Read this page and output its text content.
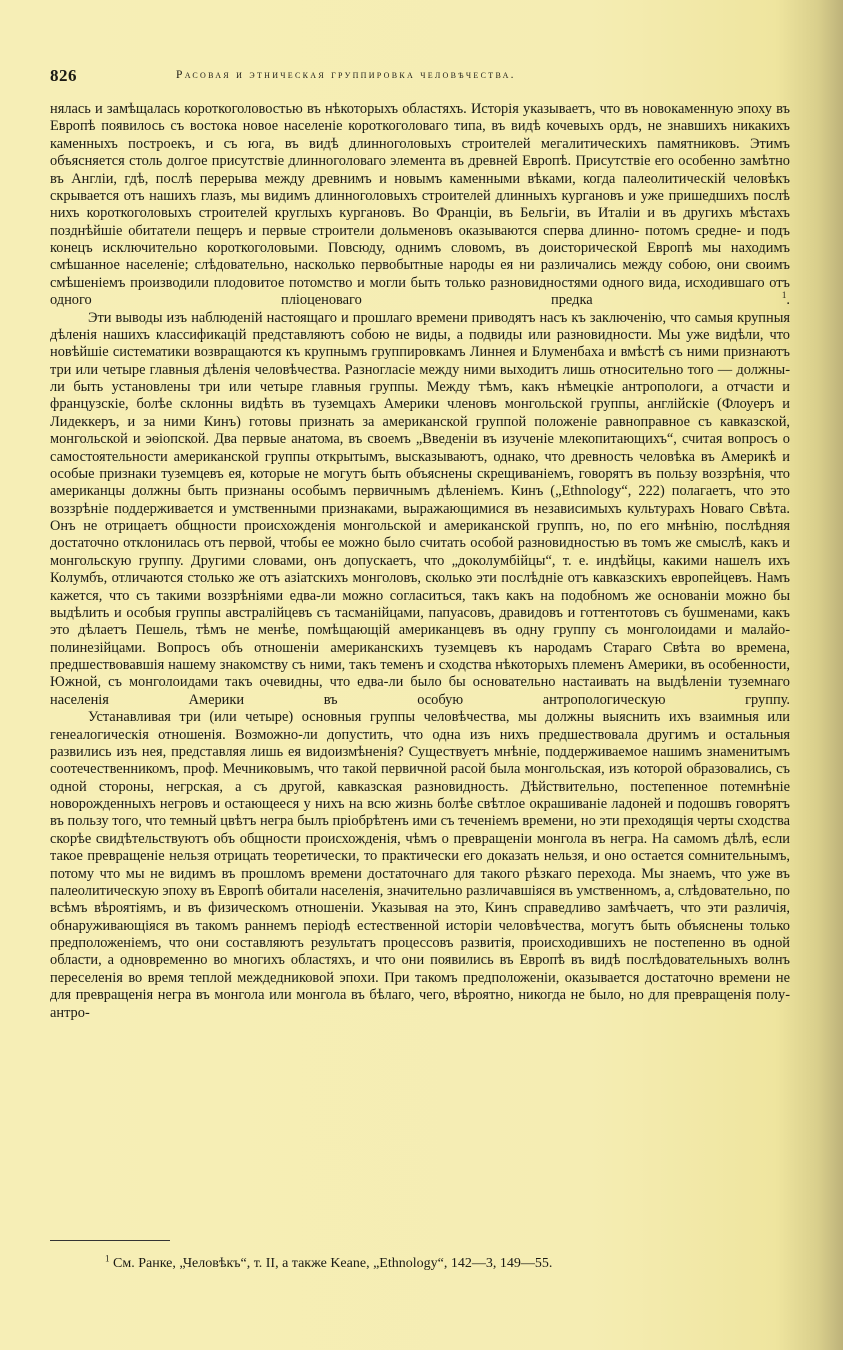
826	Расовая и этническая группировка человѣчества.

нялась и замѣщалась короткоголовостью въ нѣкоторыхъ областяхъ. Исторія указываетъ, что въ новокаменную эпоху въ Европѣ появилось съ востока новое населеніе короткоголоваго типа, въ видѣ кочевыхъ ордъ, не знавшихъ никакихъ каменныхъ построекъ, и съ юга, въ видѣ длинноголовыхъ строителей мегалитическихъ памятниковъ. Этимъ объясняется столь долгое присутствіе длинноголоваго элемента въ древней Европѣ. Присутствіе его особенно замѣтно въ Англіи, гдѣ, послѣ перерыва между древнимъ и новымъ каменными вѣками, когда палеолитическій человѣкъ скрывается отъ нашихъ глазъ, мы видимъ длинноголовыхъ строителей длинныхъ кургановъ и уже пришедшихъ послѣ нихъ короткоголовыхъ строителей круглыхъ кургановъ. Во Франціи, въ Бельгіи, въ Италіи и въ другихъ мѣстахъ позднѣйшіе обитатели пещеръ и первые строители дольменовъ оказываются сперва длинно- потомъ средне- и подъ конецъ исключительно короткоголовыми. Повсюду, однимъ словомъ, въ доисторической Европѣ мы находимъ смѣшанное населеніе; слѣдовательно, насколько первобытные народы ея ни различались между собою, они своимъ смѣшеніемъ производили плодовитое потомство и могли быть только разновидностями одного вида, исходившаго отъ одного пліоценоваго предка	$^1$.

Эти выводы изъ наблюденій настоящаго и прошлаго времени приводятъ насъ къ заключенію, что самыя крупныя дѣленія нашихъ классификацій представляютъ собою не виды, а подвиды или разновидности. Мы уже видѣли, что новѣйшіе систематики возвращаются къ крупнымъ группировкамъ Линнея и Блуменбаха и вмѣстѣ съ ними признаютъ три или четыре главныя дѣленія человѣчества. Разногласіе между ними выходитъ лишь относительно того — должны-ли быть установлены три или четыре главныя группы. Между тѣмъ, какъ нѣмецкіе антропологи, а отчасти и французскіе, болѣе склонны видѣть въ туземцахъ Америки членовъ монгольской группы, англійскіе (Флоуеръ и Лидеккеръ, и за ними Кинъ) готовы признать за американской группой положеніе равноправное съ кавказской, монгольской и эѳіопской. Два первые анатома, въ своемъ „Введеніи въ изученіе млекопитающихъ“, считая вопросъ о самостоятельности американской группы открытымъ, высказываютъ, однако, что древность человѣка въ Америкѣ и особые признаки туземцевъ ея, которые не могутъ быть объяснены скрещиваніемъ, говорятъ въ пользу воззрѣнія, что американцы должны быть признаны особымъ первичнымъ дѣленіемъ. Кинъ („Ethnology“, 222) полагаетъ, что это воззрѣніе поддерживается и умственными признаками, выражающимися въ независимыхъ культурахъ Новаго Свѣта. Онъ не отрицаетъ общности происхожденія монгольской и американской группъ, но, по его мнѣнію, послѣдняя достаточно отклонилась отъ первой, чтобы ее можно было считать особой разновидностью въ томъ же смыслѣ, какъ и монгольскую группу. Другими словами, онъ допускаетъ, что „доколумбійцы“, т. е. индѣйцы, какими нашелъ ихъ Колумбъ, отличаются столько же отъ азіатскихъ монголовъ, сколько эти послѣдніе отъ кавказскихъ европейцевъ. Намъ кажется, что съ такими воззрѣніями едва-ли можно согласиться, такъ какъ на подобномъ же основаніи можно бы выдѣлить и особыя группы австралійцевъ съ тасманійцами, папуасовъ, дравидовъ и готтентотовъ съ бушменами, какъ это дѣлаетъ Пешель, тѣмъ не менѣе, помѣщающій американцевъ въ одну группу съ монголоидами и малайо-полинезійцами. Вопросъ объ отношеніи американскихъ туземцевъ къ народамъ Стараго Свѣта во времена, предшествовавшія нашему знакомству съ ними, такъ теменъ и сходства нѣкоторыхъ племенъ Америки, въ особенности, Южной, съ монголоидами такъ очевидны, что едва-ли было бы основательно настаивать на выдѣленіи туземнаго населенія Америки въ особую антропологическую группу.

Устанавливая три (или четыре) основныя группы человѣчества, мы должны выяснить ихъ взаимныя или генеалогическія отношенія. Возможно-ли допустить, что одна изъ нихъ предшествовала другимъ и остальныя развились изъ нея, представляя лишь ея видоизмѣненія? Существуетъ мнѣніе, поддерживаемое нашимъ знаменитымъ соотечественникомъ, проф. Мечниковымъ, что такой первичной расой была монгольская, изъ которой образовались, съ одной стороны, негрская, а съ другой, кавказская разновидность. Дѣйствительно, постепенное потемнѣніе новорожденныхъ негровъ и остающееся у нихъ на всю жизнь болѣе свѣтлое окрашиваніе ладоней и подошвъ говорятъ въ пользу того, что темный цвѣтъ негра былъ пріобрѣтенъ ими съ теченіемъ времени, но эти преходящія черты сходства скорѣе свидѣтельствуютъ объ общности происхожденія, чѣмъ о превращеніи монгола въ негра. На самомъ дѣлѣ, если такое превращеніе нельзя отрицать теоретически, то практически его доказать нельзя, и оно остается сомнительнымъ, потому что мы не видимъ въ прошломъ времени достаточнаго для такого рѣзкаго перехода. Мы знаемъ, что уже въ палеолитическую эпоху въ Европѣ обитали населенія, значительно различавшіяся въ умственномъ, а, слѣдовательно, по всѣмъ вѣроятіямъ, и въ физическомъ отношеніи. Указывая на это, Кинъ справедливо замѣчаетъ, что эти различія, обнаруживающіяся въ такомъ раннемъ періодѣ естественной исторіи человѣчества, могутъ быть объяснены только предположеніемъ, что они составляютъ результатъ процессовъ развитія, происходившихъ не постепенно въ одной области, а одновременно во многихъ областяхъ, и что они появились въ Европѣ въ видѣ послѣдовательныхъ волнъ переселенія во время теплой междедниковой эпохи. При такомъ предположеніи, оказывается достаточно времени не для превращенія негра въ монгола или монгола въ бѣлаго, чего, вѣроятно, никогда не было, но для превращенія полу-антро-

$^1$ См. Ранке, „Человѣкъ“, т. II, а также Keane, „Ethnology“, 142—3, 149—55.
